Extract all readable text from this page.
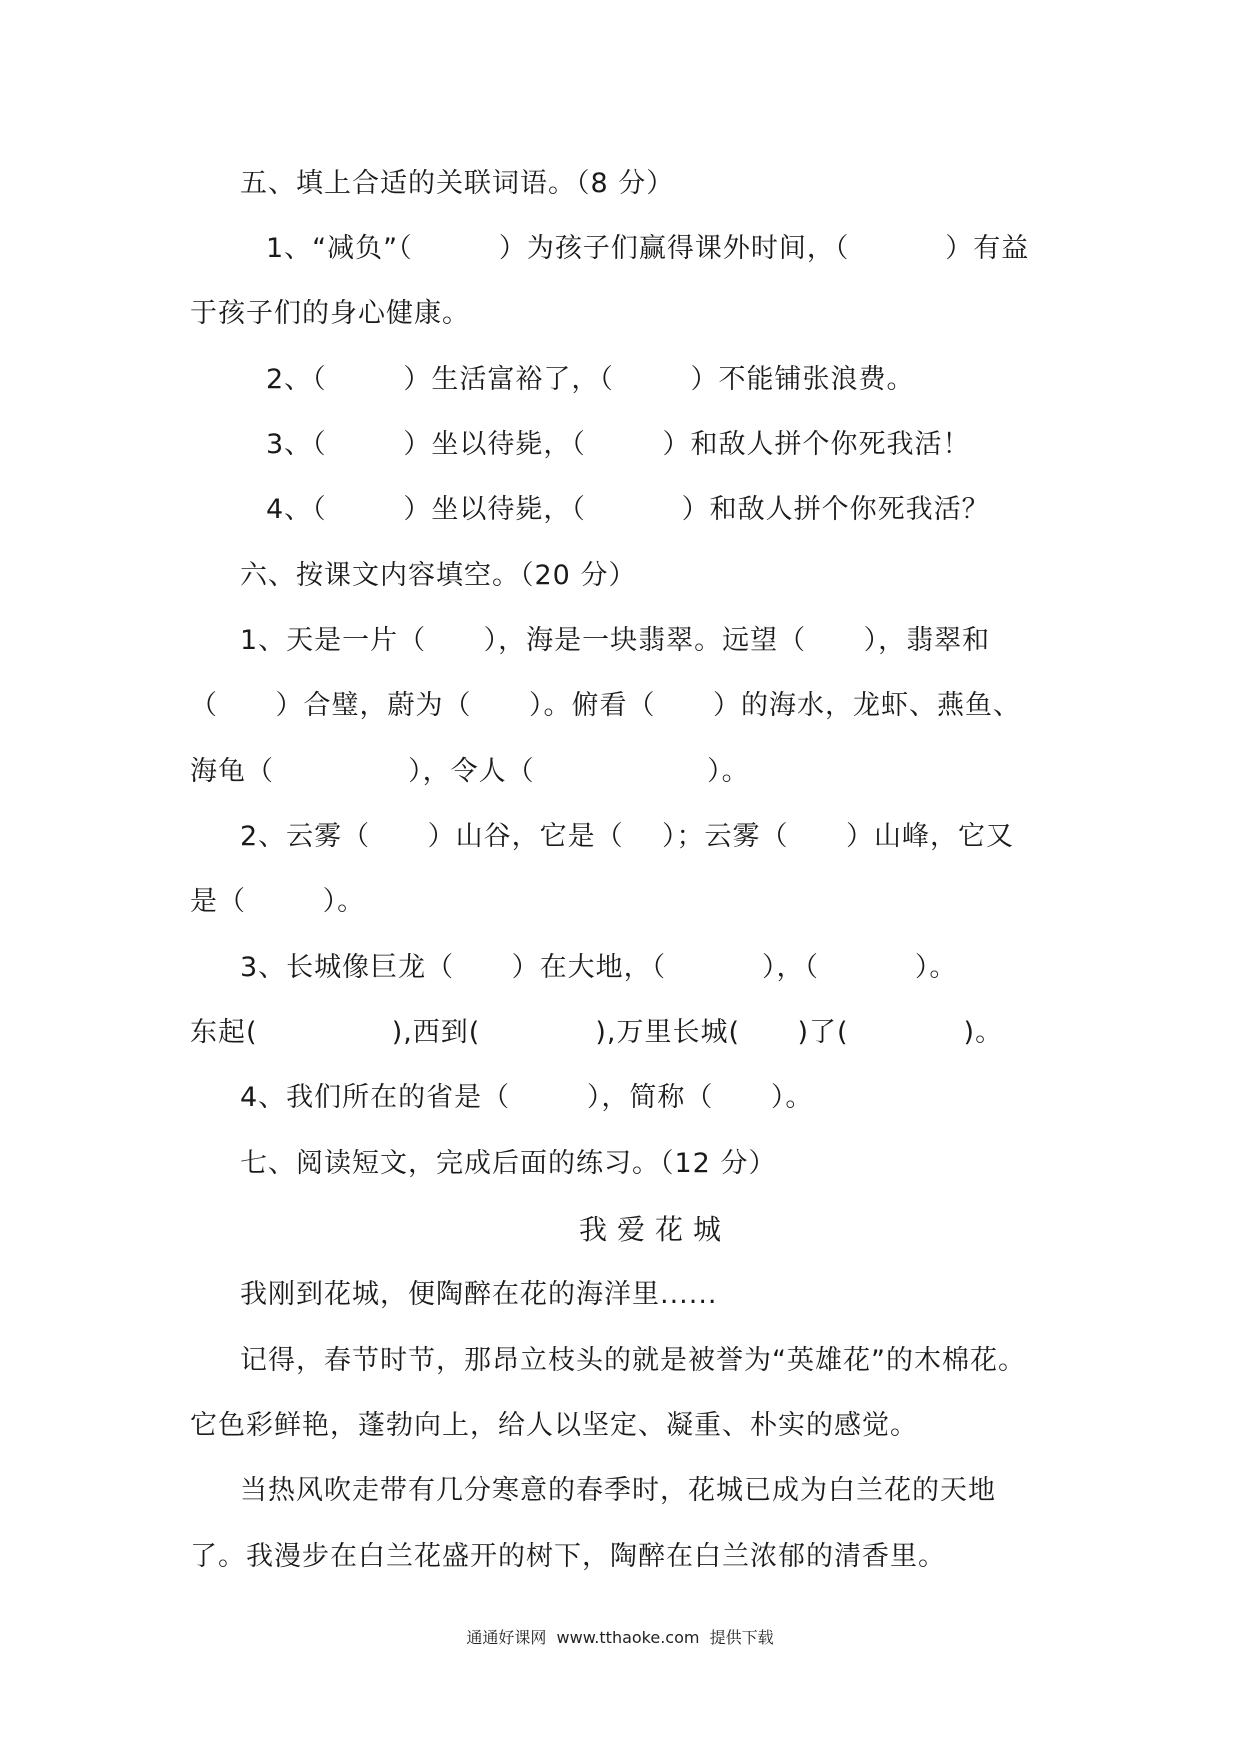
五、填上合适的关联词语。（8 分）
1、“减负”（         ）为孩子们赢得课外时间，（          ）有益
于孩子们的身心健康。
2、（        ）生活富裕了，（        ）不能铺张浪费。
3、（        ）坐以待毙，（        ）和敌人拼个你死我活！
4、（        ）坐以待毙，（          ）和敌人拼个你死我活？
六、按课文内容填空。（20 分）
1、天是一片（      ），海是一块翡翠。远望（      ），翡翠和
（      ）合璧，蔚为（      ）。俯看（      ）的海水，龙虾、燕鱼、
海龟（              ），令人（                  ）。
2、云雾（      ）山谷，它是（    ）；云雾（      ）山峰，它又
是（        ）。
3、长城像巨龙（      ）在大地，（          ），（          ）。
东起(              ),西到(            ),万里长城(      )了(            )。
4、我们所在的省是（        ），简称（      ）。
七、阅读短文，完成后面的练习。（12 分）
我爱花城
我刚到花城，便陶醉在花的海洋里......
记得，春节时节，那昂立枝头的就是被誉为“英雄花”的木棉花。
它色彩鲜艳，蓬勃向上，给人以坚定、凝重、朴实的感觉。
当热风吹走带有几分寒意的春季时，花城已成为白兰花的天地
了。我漫步在白兰花盛开的树下，陶醉在白兰浓郁的清香里。
通通好课网  www.tthaoke.com  提供下载
